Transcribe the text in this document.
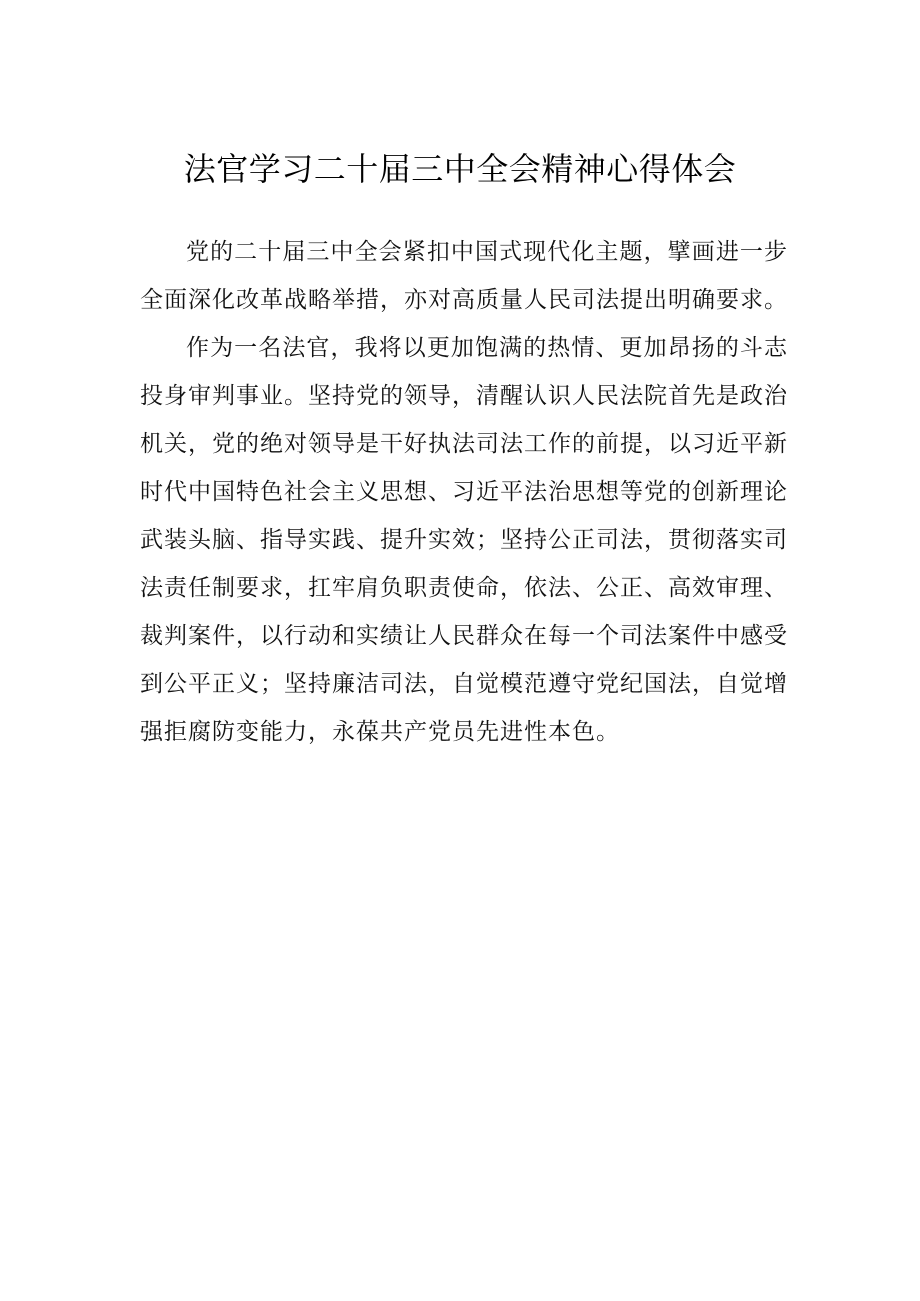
法官学习二十届三中全会精神心得体会

党的二十届三中全会紧扣中国式现代化主题，擘画进一步全面深化改革战略举措，亦对高质量人民司法提出明确要求。

作为一名法官，我将以更加饱满的热情、更加昂扬的斗志投身审判事业。坚持党的领导，清醒认识人民法院首先是政治机关，党的绝对领导是干好执法司法工作的前提，以习近平新时代中国特色社会主义思想、习近平法治思想等党的创新理论武装头脑、指导实践、提升实效；坚持公正司法，贯彻落实司法责任制要求，扛牢肩负职责使命，依法、公正、高效审理、裁判案件，以行动和实绩让人民群众在每一个司法案件中感受到公平正义；坚持廉洁司法，自觉模范遵守党纪国法，自觉增强拒腐防变能力，永葆共产党员先进性本色。
